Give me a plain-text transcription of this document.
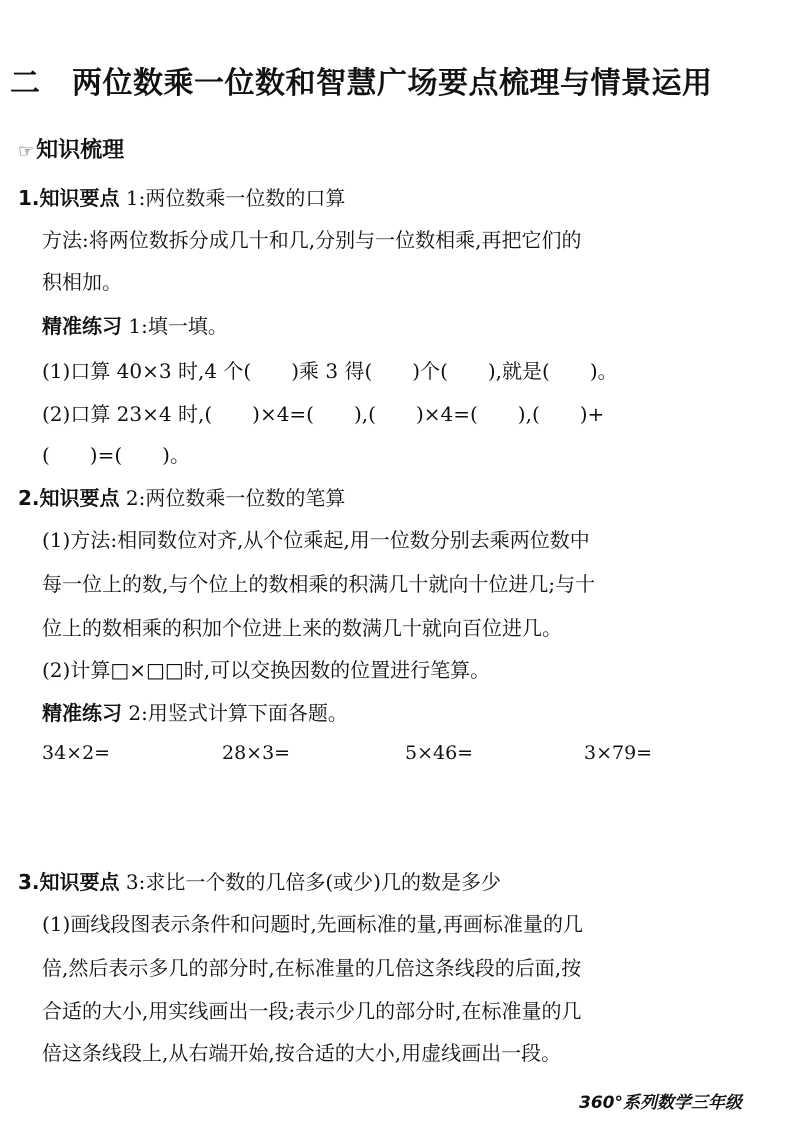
二 两位数乘一位数和智慧广场要点梳理与情景运用
☞知识梳理
1.知识要点 1:两位数乘一位数的口算
方法:将两位数拆分成几十和几,分别与一位数相乘,再把它们的
积相加。
精准练习 1:填一填。
(1)口算 40×3 时,4 个(　　)乘 3 得(　　)个(　　),就是(　　)。
(2)口算 23×4 时,(　　)×4=(　　),(　　)×4=(　　),(　　)+
(　　)=(　　)。
2.知识要点 2:两位数乘一位数的笔算
(1)方法:相同数位对齐,从个位乘起,用一位数分别去乘两位数中
每一位上的数,与个位上的数相乘的积满几十就向十位进几;与十
位上的数相乘的积加个位进上来的数满几十就向百位进几。
(2)计算□×□□时,可以交换因数的位置进行笔算。
精准练习 2:用竖式计算下面各题。
34×2=	28×3=	5×46=	3×79=
3.知识要点 3:求比一个数的几倍多(或少)几的数是多少
(1)画线段图表示条件和问题时,先画标准的量,再画标准量的几
倍,然后表示多几的部分时,在标准量的几倍这条线段的后面,按
合适的大小,用实线画出一段;表示少几的部分时,在标准量的几
倍这条线段上,从右端开始,按合适的大小,用虚线画出一段。
360°系列数学三年级
